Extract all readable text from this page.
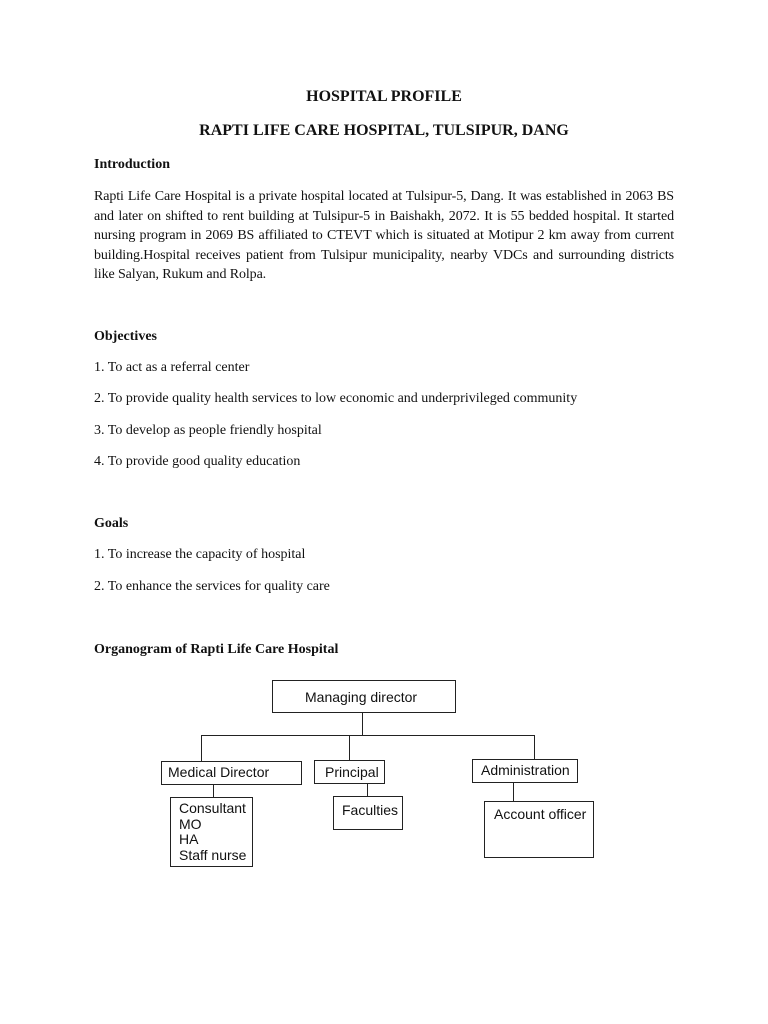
HOSPITAL PROFILE
RAPTI LIFE CARE HOSPITAL, TULSIPUR, DANG
Introduction

Rapti Life Care Hospital is a private hospital located at Tulsipur-5, Dang. It was established in 2063 BS and later on shifted to rent building at Tulsipur-5 in Baishakh, 2072. It is 55 bedded hospital. It started nursing program in 2069 BS affiliated to CTEVT which is situated at Motipur 2 km away from current building.Hospital receives patient from Tulsipur municipality, nearby VDCs and surrounding districts like Salyan, Rukum and Rolpa.

Objectives

1. To act as a referral center

2. To provide quality health services to low economic and underprivileged community

3. To develop as people friendly hospital

4. To provide good quality education

Goals

1. To increase the capacity of hospital

2. To enhance the services for quality care

Organogram of Rapti Life Care Hospital
Managing director
Medical Director	Principal	Administration
Consultant
MO
HA
Staff nurse
Faculties	Account officer
